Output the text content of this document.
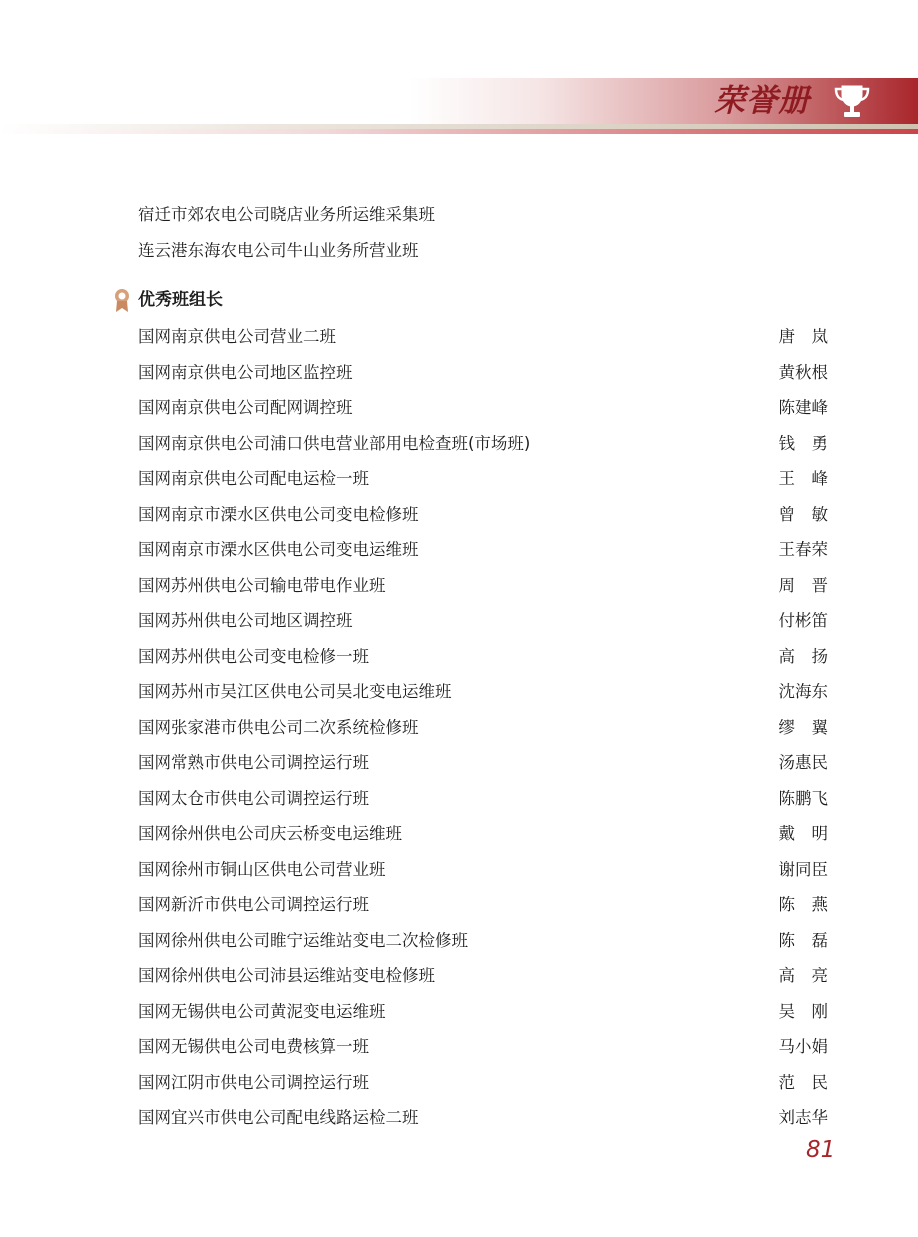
荣誉册
宿迁市郊农电公司晓店业务所运维采集班
连云港东海农电公司牛山业务所营业班
优秀班组长
国网南京供电公司营业二班	唐　岚
国网南京供电公司地区监控班	黄秋根
国网南京供电公司配网调控班	陈建峰
国网南京供电公司浦口供电营业部用电检查班(市场班)	钱　勇
国网南京供电公司配电运检一班	王　峰
国网南京市溧水区供电公司变电检修班	曾　敏
国网南京市溧水区供电公司变电运维班	王春荣
国网苏州供电公司输电带电作业班	周　晋
国网苏州供电公司地区调控班	付彬笛
国网苏州供电公司变电检修一班	高　扬
国网苏州市吴江区供电公司吴北变电运维班	沈海东
国网张家港市供电公司二次系统检修班	缪　翼
国网常熟市供电公司调控运行班	汤惠民
国网太仓市供电公司调控运行班	陈鹏飞
国网徐州供电公司庆云桥变电运维班	戴　明
国网徐州市铜山区供电公司营业班	谢同臣
国网新沂市供电公司调控运行班	陈　燕
国网徐州供电公司睢宁运维站变电二次检修班	陈　磊
国网徐州供电公司沛县运维站变电检修班	高　亮
国网无锡供电公司黄泥变电运维班	吴　刚
国网无锡供电公司电费核算一班	马小娟
国网江阴市供电公司调控运行班	范　民
国网宜兴市供电公司配电线路运检二班	刘志华
81
